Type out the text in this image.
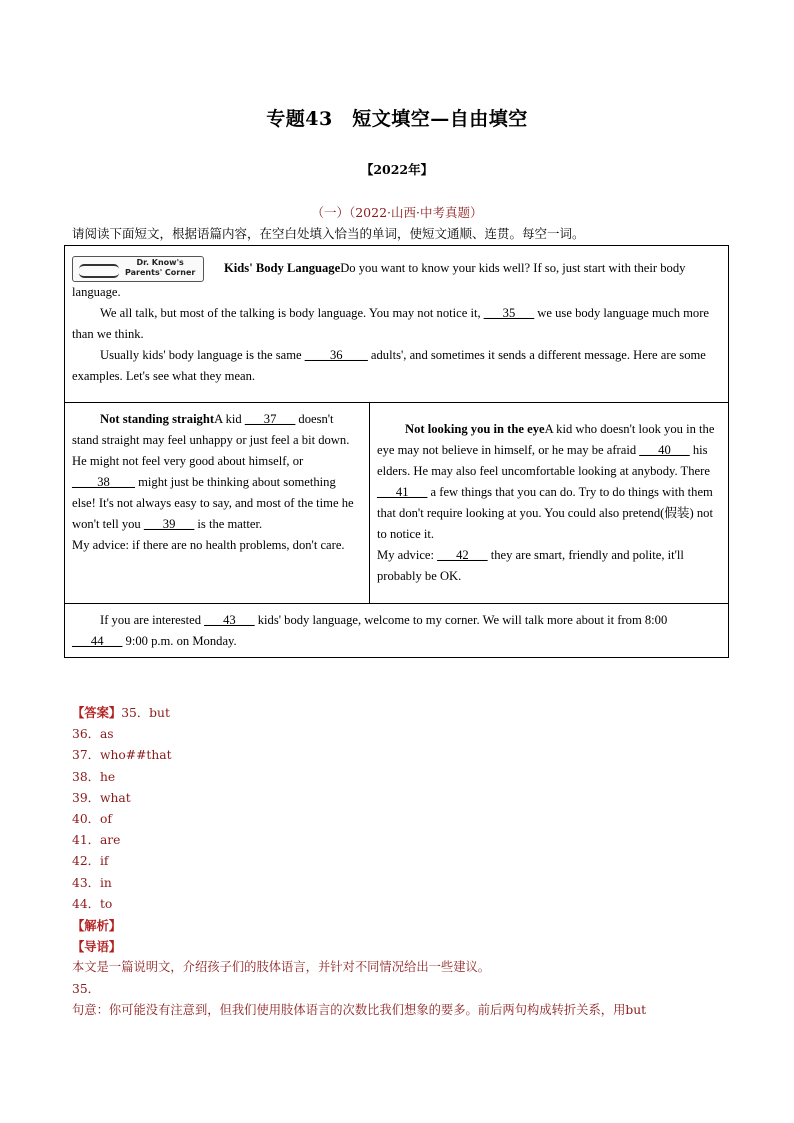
专题43　短文填空—自由填空
【2022年】
（一）（2022·山西·中考真题）
请阅读下面短文，根据语篇内容，在空白处填入恰当的单词，使短文通顺、连贯。每空一词。

Dr. Know's
Parents' Corner Kids' Body LanguageDo you want to know your kids well? If so, just start with their body language.

We all talk, but most of the talking is body language. You may not notice it, ___35___ we use body language much more than we think.

Usually kids' body language is the same ____36____ adults', and sometimes it sends a different message. Here are some examples. Let's see what they mean.

Not standing straightA kid ___37___ doesn't stand straight may feel unhappy or just feel a bit down. He might not feel very good about himself, or ____38____ might just be thinking about something else! It's not always easy to say, and most of the time he won't tell you ___39___ is the matter.

My advice: if there are no health problems, don't care.

Not looking you in the eyeA kid who doesn't look you in the eye may not believe in himself, or he may be afraid ___40___ his elders. He may also feel uncomfortable looking at anybody. There ___41___ a few things that you can do. Try to do things with them that don't require looking at you. You could also pretend(假装) not to notice it.

My advice: ___42___ they are smart, friendly and polite, it'll probably be OK.

If you are interested ___43___ kids' body language, welcome to my corner. We will talk more about it from 8:00 ___44___ 9:00 p.m. on Monday.

【答案】35．but
36．as
37．who##that
38．he
39．what
40．of
41．are
42．if
43．in
44．to
【解析】
【导语】
本文是一篇说明文，介绍孩子们的肢体语言，并针对不同情况给出一些建议。
35．
句意：你可能没有注意到，但我们使用肢体语言的次数比我们想象的要多。前后两句构成转折关系，用but
